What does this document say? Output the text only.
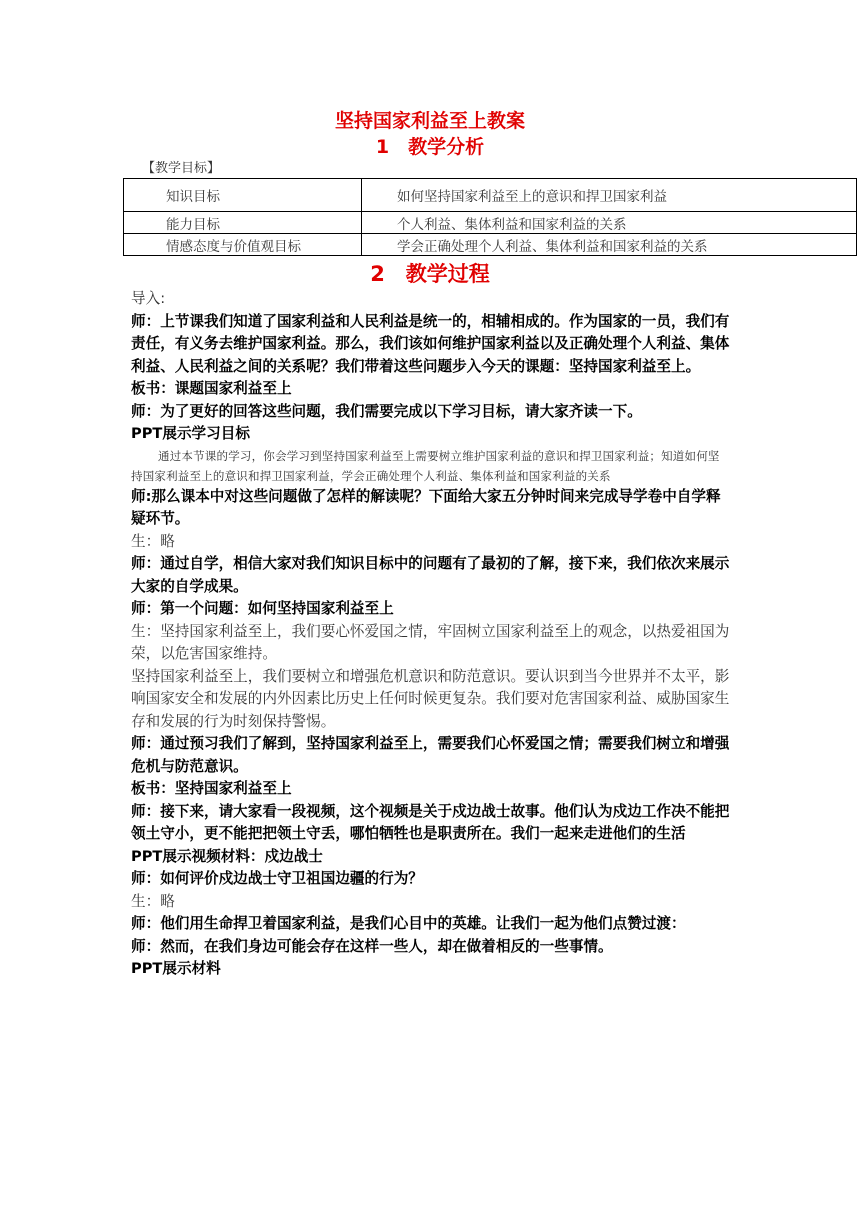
坚持国家利益至上教案
1　教学分析
【教学目标】
知识目标	如何坚持国家利益至上的意识和捍卫国家利益
能力目标	个人利益、集体利益和国家利益的关系
情感态度与价值观目标	学会正确处理个人利益、集体利益和国家利益的关系
2　教学过程

导入:

师：上节课我们知道了国家利益和人民利益是统一的，相辅相成的。作为国家的一员，我们有责任，有义务去维护国家利益。那么，我们该如何维护国家利益以及正确处理个人利益、集体利益、人民利益之间的关系呢？我们带着这些问题步入今天的课题：坚持国家利益至上。

板书：课题国家利益至上

师：为了更好的回答这些问题，我们需要完成以下学习目标，请大家齐读一下。

PPT展示学习目标

通过本节课的学习，你会学习到坚持国家利益至上需要树立维护国家利益的意识和捍卫国家利益；知道如何坚持国家利益至上的意识和捍卫国家利益，学会正确处理个人利益、集体利益和国家利益的关系

师:那么课本中对这些问题做了怎样的解读呢？下面给大家五分钟时间来完成导学卷中自学释疑环节。

生：略

师：通过自学，相信大家对我们知识目标中的问题有了最初的了解，接下来，我们依次来展示大家的自学成果。

师：第一个问题：如何坚持国家利益至上

生：坚持国家利益至上，我们要心怀爱国之情，牢固树立国家利益至上的观念，以热爱祖国为荣，以危害国家维持。

坚持国家利益至上，我们要树立和增强危机意识和防范意识。要认识到当今世界并不太平，影响国家安全和发展的内外因素比历史上任何时候更复杂。我们要对危害国家利益、威胁国家生存和发展的行为时刻保持警惕。

师：通过预习我们了解到，坚持国家利益至上，需要我们心怀爱国之情；需要我们树立和增强危机与防范意识。

板书：坚持国家利益至上

师：接下来，请大家看一段视频，这个视频是关于戍边战士故事。他们认为戍边工作决不能把领土守小，更不能把把领土守丢，哪怕牺牲也是职责所在。我们一起来走进他们的生活

PPT展示视频材料：戍边战士

师：如何评价戍边战士守卫祖国边疆的行为？

生：略

师：他们用生命捍卫着国家利益，是我们心目中的英雄。让我们一起为他们点赞过渡：

师：然而，在我们身边可能会存在这样一些人，却在做着相反的一些事情。

PPT展示材料
